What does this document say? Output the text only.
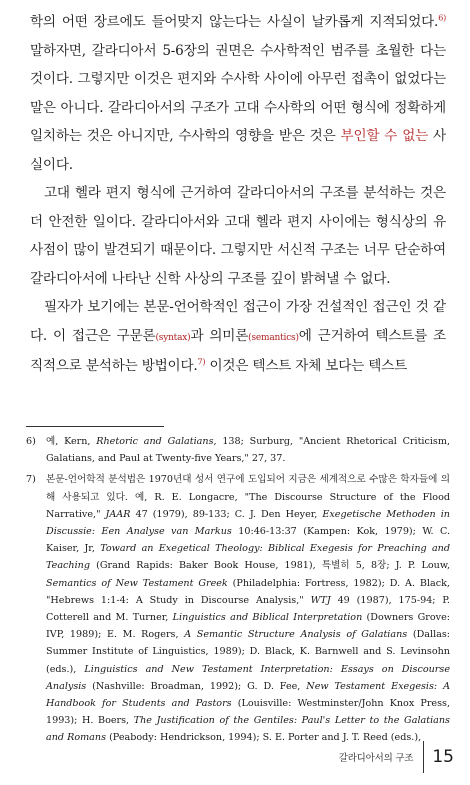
학의 어떤 장르에도 들어맞지 않는다는 사실이 날카롭게 지적되었다.$^{6)}$ 말하자면, 갈라디아서 5-6장의 권면은 수사학적인 범주를 초월한 다는 것이다. 그렇지만 이것은 편지와 수사학 사이에 아무런 접촉이 없었다는 말은 아니다. 갈라디아서의 구조가 고대 수사학의 어떤 형식에 정확하게 일치하는 것은 아니지만, 수사학의 영향을 받은 것은 부인할 수 없는 사실이다.

고대 헬라 편지 형식에 근거하여 갈라디아서의 구조를 분석하는 것은 더 안전한 일이다. 갈라디아서와 고대 헬라 편지 사이에는 형식상의 유사점이 많이 발견되기 때문이다. 그렇지만 서신적 구조는 너무 단순하여 갈라디아서에 나타난 신학 사상의 구조를 깊이 밝혀낼 수 없다.

필자가 보기에는 본문-언어학적인 접근이 가장 건설적인 접근인 것 같다. 이 접근은 구문론(syntax)과 의미론(semantics)에 근거하여 텍스트를 조직적으로 분석하는 방법이다.$^{7)}$ 이것은 텍스트 자체 보다는 텍스트

6) 예, Kern, Rhetoric and Galatians, 138; Surburg, "Ancient Rhetorical Criticism, Galatians, and Paul at Twenty-five Years," 27, 37.
7) 본문-언어학적 분석법은 1970년대 성서 연구에 도입되어 지금은 세계적으로 수많은 학자들에 의해 사용되고 있다. 예, R. E. Longacre, "The Discourse Structure of the Flood Narrative," JAAR 47 (1979), 89-133; C. J. Den Heyer, Exegetische Methoden in Discussie: Een Analyse van Markus 10:46-13:37 (Kampen: Kok, 1979); W. C. Kaiser, Jr, Toward an Exegetical Theology: Biblical Exegesis for Preaching and Teaching (Grand Rapids: Baker Book House, 1981), 특별히 5, 8장; J. P. Louw, Semantics of New Testament Greek (Philadelphia: Fortress, 1982); D. A. Black, "Hebrews 1:1-4: A Study in Discourse Analysis," WTJ 49 (1987), 175-94; P. Cotterell and M. Turner, Linguistics and Biblical Interpretation (Downers Grove: IVP, 1989); E. M. Rogers, A Semantic Structure Analysis of Galatians (Dallas: Summer Institute of Linguistics, 1989); D. Black, K. Barnwell and S. Levinsohn (eds.), Linguistics and New Testament Interpretation: Essays on Discourse Analysis (Nashville: Broadman, 1992); G. D. Fee, New Testament Exegesis: A Handbook for Students and Pastors (Louisville: Westminster/John Knox Press, 1993); H. Boers, The Justification of the Gentiles: Paul's Letter to the Galatians and Romans (Peabody: Hendrickson, 1994); S. E. Porter and J. T. Reed (eds.),
갈라디아서의 구조 15
